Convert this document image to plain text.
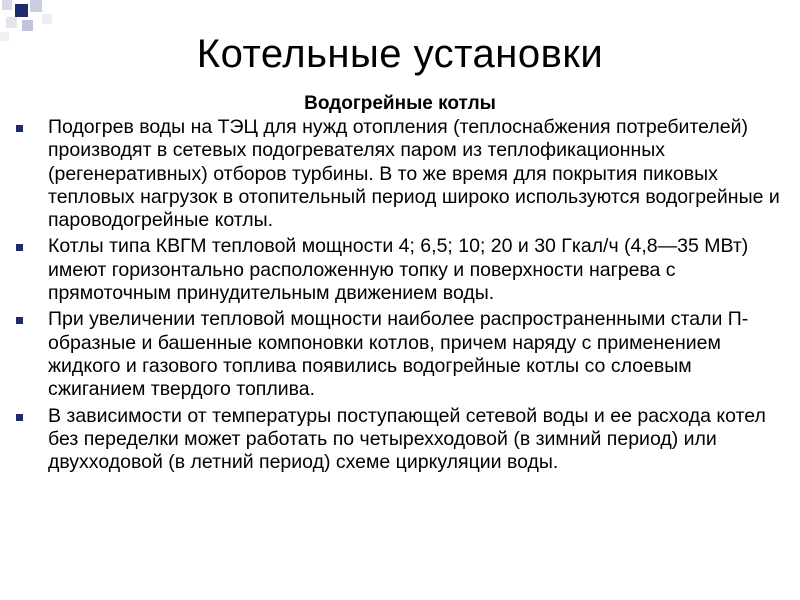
Котельные установки
Водогрейные котлы
Подогрев воды на ТЭЦ для нужд отопления (теплоснабжения потребителей) производят в сетевых подогревателях паром из теплофикационных (регенеративных) отборов турбины. В то же время для покрытия пиковых тепловых нагрузок в отопительный период широко используются водогрейные и пароводогрейные котлы.
Котлы типа КВГМ тепловой мощности 4; 6,5; 10; 20 и 30 Гкал/ч (4,8—35 МВт) имеют горизонтально расположенную топку и поверхности нагрева с прямоточным принудительным движением воды.
При увеличении тепловой мощности наиболее распространенными стали П-образные и башенные компоновки котлов, причем наряду с применением жидкого и газового топлива появились водогрейные котлы со слоевым сжиганием твердого топлива.
В зависимости от температуры поступающей сетевой воды и ее расхода котел без переделки может работать по четырехходовой (в зимний период) или двухходовой (в летний период) схеме циркуляции воды.
